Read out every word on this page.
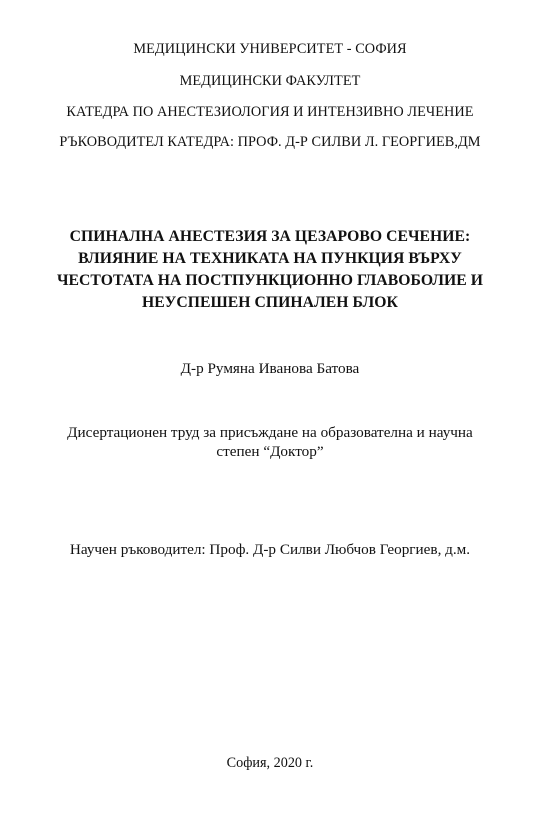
МЕДИЦИНСКИ УНИВЕРСИТЕТ - СОФИЯ
МЕДИЦИНСКИ ФАКУЛТЕТ
КАТЕДРА ПО АНЕСТЕЗИОЛОГИЯ И ИНТЕНЗИВНО ЛЕЧЕНИЕ
РЪКОВОДИТЕЛ КАТЕДРА: ПРОФ. Д-Р СИЛВИ Л. ГЕОРГИЕВ,ДМ
СПИНАЛНА АНЕСТЕЗИЯ ЗА ЦЕЗАРОВО СЕЧЕНИЕ:
ВЛИЯНИЕ НА ТЕХНИКАТА НА ПУНКЦИЯ ВЪРХУ
ЧЕСТОТАТА НА ПОСТПУНКЦИОННО ГЛАВОБОЛИЕ И
НЕУСПЕШЕН СПИНАЛЕН БЛОК
Д-р Румяна Иванова Батова
Дисертационен труд за присъждане на образователна и научна
степен “Доктор”
Научен ръководител: Проф. Д-р Силви Любчов Георгиев, д.м.
София, 2020 г.
